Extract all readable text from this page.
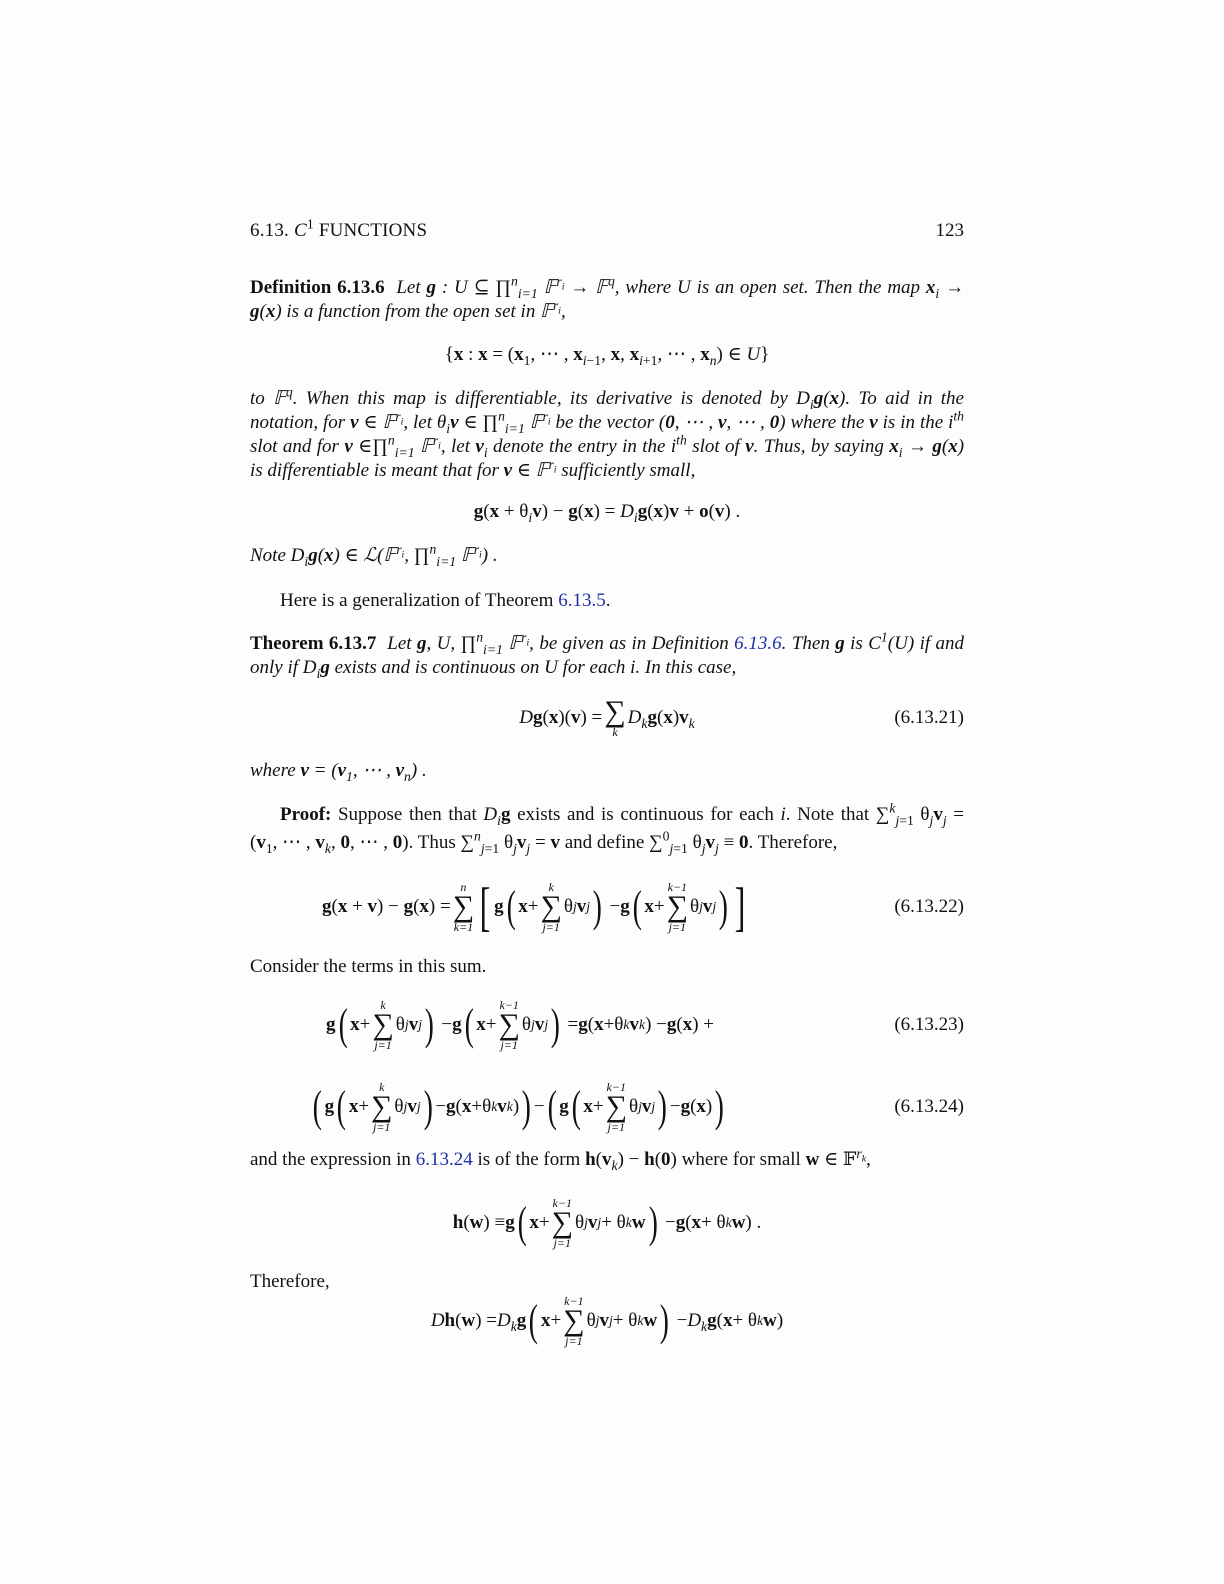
6.13. $C^1$ FUNCTIONS	123
Definition 6.13.6  Let g : U ⊆ ∏$^n_{i=1}$ 𝔽$^{r_i}$ → 𝔽$^q$, where U is an open set. Then the map $x_i \to g(x)$ is a function from the open set in 𝔽$^{r_i}$,
{x : $x = (x_1$, ⋯ , $x_{i-1}$, x, $x_{i+1}$, ⋯ , $x_n$) ∈ U}
to 𝔽$^q$. When this map is differentiable, its derivative is denoted by $D_ig(x)$. To aid in the notation, for v ∈ 𝔽$^{r_i}$, let $\theta_iv$ ∈ ∏$^n_{i=1}$ 𝔽$^{r_i}$ be the vector (0, ⋯ , v, ⋯ , 0) where the v is in the $i^{th}$ slot and for v ∈∏$^n_{i=1}$ 𝔽$^{r_i}$, let $v_i$ denote the entry in the $i^{th}$ slot of v. Thus, by saying $x_i \to g(x)$ is differentiable is meant that for v ∈ 𝔽$^{r_i}$ sufficiently small,
$g(x + \theta_iv) - g(x) = D_ig(x)v + o(v)$ .
Note $D_ig(x)$ ∈ ℒ(𝔽$^{r_i}$, ∏$^n_{i=1}$ 𝔽$^{r_i}$) .
Here is a generalization of Theorem 6.13.5.
Theorem 6.13.7  Let g, U, ∏$^n_{i=1}$ 𝔽$^{r_i}$, be given as in Definition 6.13.6. Then g is $C^1(U)$ if and only if $D_ig$ exists and is continuous on U for each i. In this case,
Dg(x)(v) = ∑
k
$D_kg(x)v_k$	(6.13.21)
where $v = (v_1$, ⋯ , $v_n$) .
Proof: Suppose then that $D_ig$ exists and is continuous for each i. Note that ∑$^k_{j=1}$ $\theta_jv_j = (v_1$, ⋯ , $v_k$, 0, ⋯ , 0). Thus ∑$^n_{j=1}$ $\theta_jv_j = v$ and define ∑$^0_{j=1}$ $\theta_jv_j \equiv 0$. Therefore,
g(x + v) − g(x) =
n
∑
k=1 [ g ( x +
k
∑
j=1
θ j v j ) − g ( x +
k−1
∑
j=1
θ j v j ) ]	(6.13.22)
Consider the terms in this sum.
g ( x +
k
∑
j=1
θ j v j ) − g ( x +
k−1
∑
j=1
θ j v j ) = g ( x +θ k v k ) − g ( x ) +	(6.13.23)
( g ( x +
k
∑
j=1
θ j v j ) − g ( x +θ k v k ) ) − ( g ( x +
k−1
∑
j=1
θ j v j ) − g ( x ) )	(6.13.24)
and the expression in 6.13.24 is of the form $h(v_k) - h(0)$ where for small w ∈ 𝔽$^{r_k}$,
h ( w ) ≡ g ( x +
k−1
∑
j=1
θ j v j + θ k w ) − g ( x + θ k w ) .
Therefore,
D h ( w ) = $D_k$ g ( x +
k−1
∑
j=1
θ j v j + θ k w ) − $D_k$ g ( x + θ k w )
